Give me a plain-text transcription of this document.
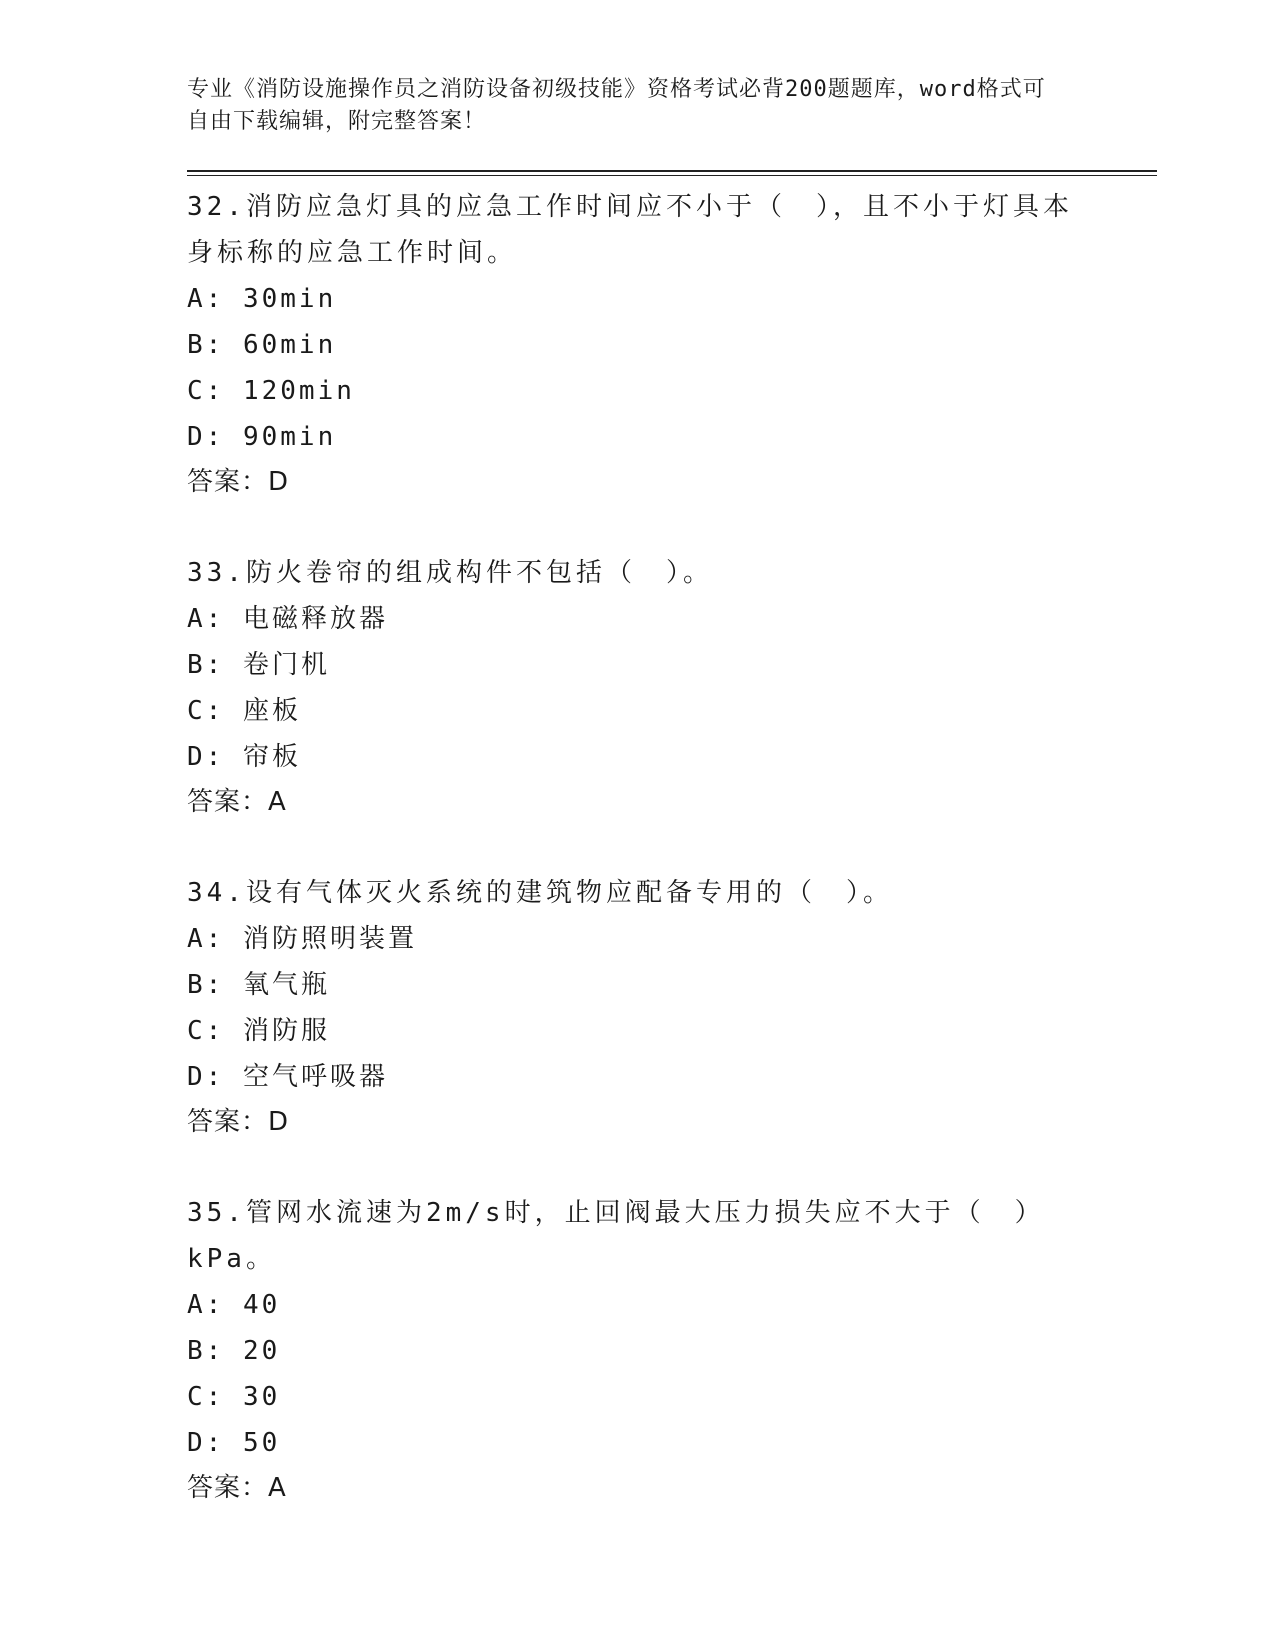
专业《消防设施操作员之消防设备初级技能》资格考试必背200题题库，word格式可自由下载编辑，附完整答案！

32.消防应急灯具的应急工作时间应不小于（　），且不小于灯具本身标称的应急工作时间。

A: 30min
B: 60min
C: 120min
D: 90min
答案：D

33.防火卷帘的组成构件不包括（　）。

A: 电磁释放器
B: 卷门机
C: 座板
D: 帘板
答案：A

34.设有气体灭火系统的建筑物应配备专用的（　）。

A: 消防照明装置
B: 氧气瓶
C: 消防服
D: 空气呼吸器
答案：D

35.管网水流速为2m/s时，止回阀最大压力损失应不大于（　）kPa。

A: 40
B: 20
C: 30
D: 50
答案：A
